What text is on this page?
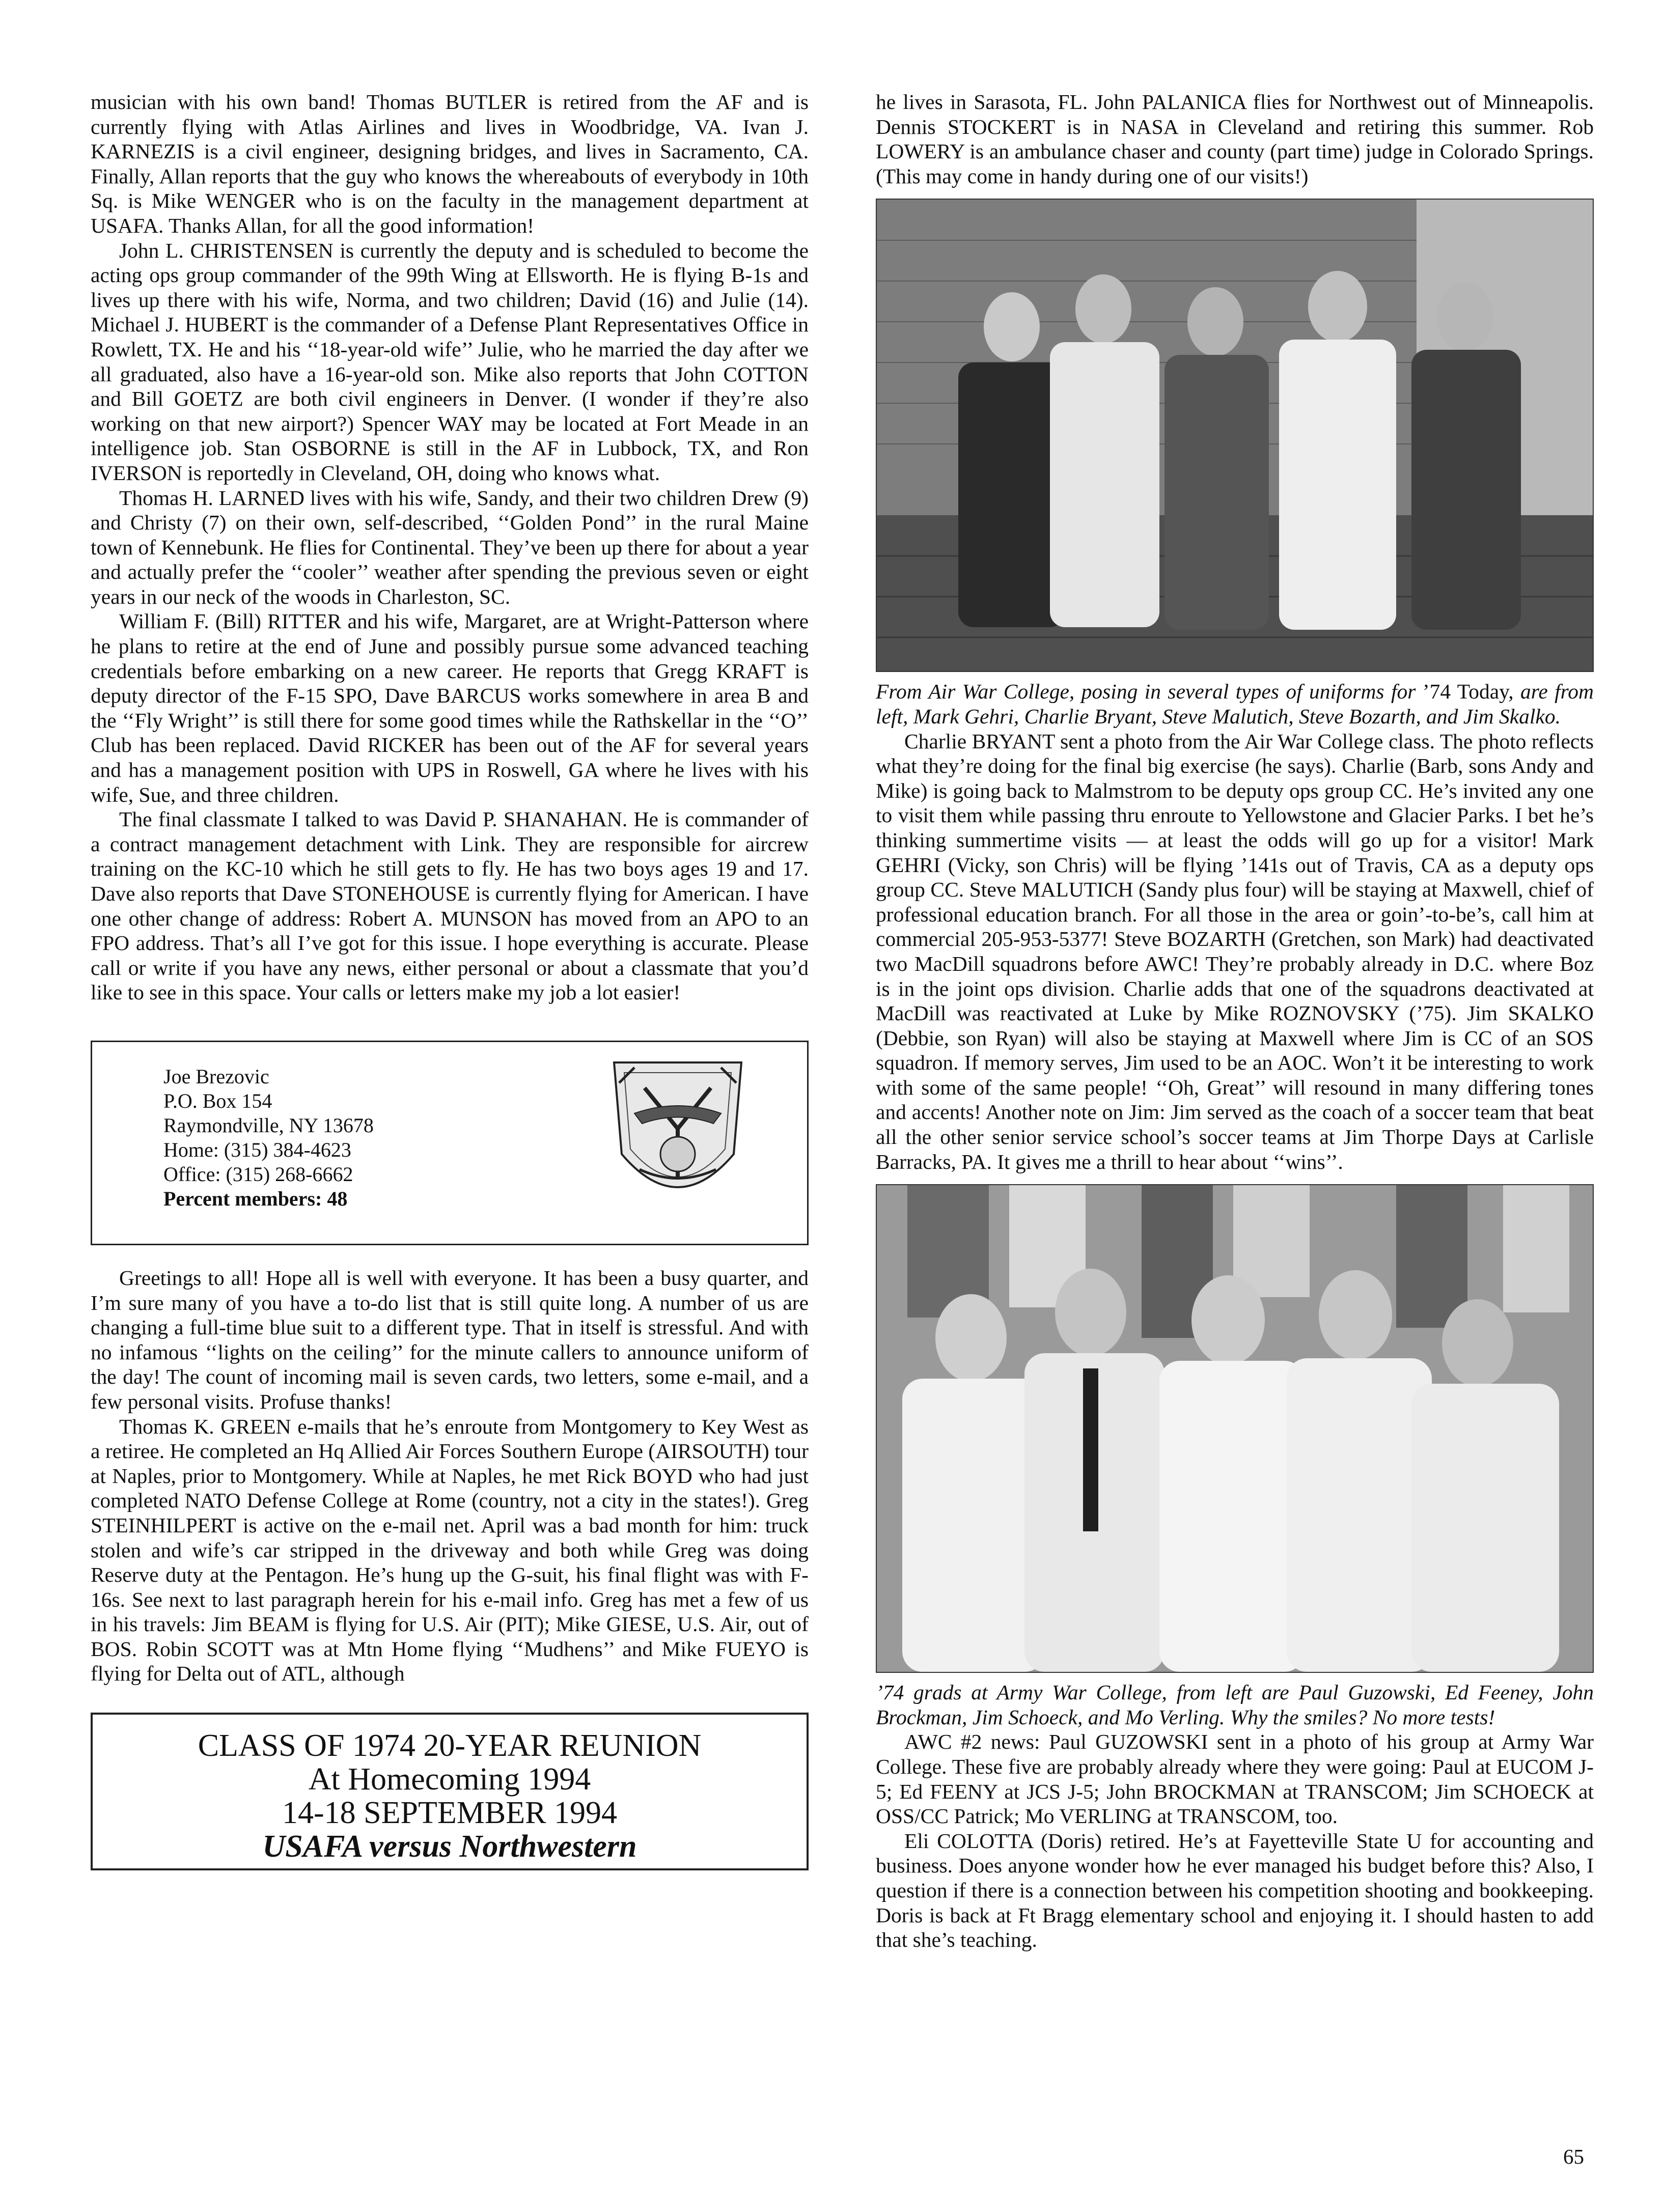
musician with his own band! Thomas BUTLER is retired from the AF and is currently flying with Atlas Airlines and lives in Woodbridge, VA. Ivan J. KARNEZIS is a civil engineer, designing bridges, and lives in Sacramento, CA. Finally, Allan reports that the guy who knows the whereabouts of everybody in 10th Sq. is Mike WENGER who is on the faculty in the management department at USAFA. Thanks Allan, for all the good information!

John L. CHRISTENSEN is currently the deputy and is scheduled to become the acting ops group commander of the 99th Wing at Ellsworth. He is flying B-1s and lives up there with his wife, Norma, and two children; David (16) and Julie (14). Michael J. HUBERT is the commander of a Defense Plant Representatives Office in Rowlett, TX. He and his ‘‘18-year-old wife’’ Julie, who he married the day after we all graduated, also have a 16-year-old son. Mike also reports that John COTTON and Bill GOETZ are both civil engineers in Denver. (I wonder if they’re also working on that new airport?) Spencer WAY may be located at Fort Meade in an intelligence job. Stan OSBORNE is still in the AF in Lubbock, TX, and Ron IVERSON is reportedly in Cleveland, OH, doing who knows what.

Thomas H. LARNED lives with his wife, Sandy, and their two children Drew (9) and Christy (7) on their own, self-described, ‘‘Golden Pond’’ in the rural Maine town of Kennebunk. He flies for Continental. They’ve been up there for about a year and actually prefer the ‘‘cooler’’ weather after spending the previous seven or eight years in our neck of the woods in Charleston, SC.

William F. (Bill) RITTER and his wife, Margaret, are at Wright-Patterson where he plans to retire at the end of June and possibly pursue some advanced teaching credentials before embarking on a new career. He reports that Gregg KRAFT is deputy director of the F-15 SPO, Dave BARCUS works somewhere in area B and the ‘‘Fly Wright’’ is still there for some good times while the Rathskellar in the ‘‘O’’ Club has been replaced. David RICKER has been out of the AF for several years and has a management position with UPS in Roswell, GA where he lives with his wife, Sue, and three children.

The final classmate I talked to was David P. SHANAHAN. He is commander of a contract management detachment with Link. They are responsible for aircrew training on the KC-10 which he still gets to fly. He has two boys ages 19 and 17. Dave also reports that Dave STONEHOUSE is currently flying for American. I have one other change of address: Robert A. MUNSON has moved from an APO to an FPO address. That’s all I’ve got for this issue. I hope everything is accurate. Please call or write if you have any news, either personal or about a classmate that you’d like to see in this space. Your calls or letters make my job a lot easier!

Joe Brezovic
P.O. Box 154
Raymondville, NY 13678
Home: (315) 384-4623
Office: (315) 268-6662
Percent members: 48

Greetings to all! Hope all is well with everyone. It has been a busy quarter, and I’m sure many of you have a to-do list that is still quite long. A number of us are changing a full-time blue suit to a different type. That in itself is stressful. And with no infamous ‘‘lights on the ceiling’’ for the minute callers to announce uniform of the day! The count of incoming mail is seven cards, two letters, some e-mail, and a few personal visits. Profuse thanks!

Thomas K. GREEN e-mails that he’s enroute from Montgomery to Key West as a retiree. He completed an Hq Allied Air Forces Southern Europe (AIRSOUTH) tour at Naples, prior to Montgomery. While at Naples, he met Rick BOYD who had just completed NATO Defense College at Rome (country, not a city in the states!). Greg STEINHILPERT is active on the e-mail net. April was a bad month for him: truck stolen and wife’s car stripped in the driveway and both while Greg was doing Reserve duty at the Pentagon. He’s hung up the G-suit, his final flight was with F-16s. See next to last paragraph herein for his e-mail info. Greg has met a few of us in his travels: Jim BEAM is flying for U.S. Air (PIT); Mike GIESE, U.S. Air, out of BOS. Robin SCOTT was at Mtn Home flying ‘‘Mudhens’’ and Mike FUEYO is flying for Delta out of ATL, although

CLASS OF 1974 20-YEAR REUNION
At Homecoming 1994
14-18 SEPTEMBER 1994
USAFA versus Northwestern

he lives in Sarasota, FL. John PALANICA flies for Northwest out of Minneapolis. Dennis STOCKERT is in NASA in Cleveland and retiring this summer. Rob LOWERY is an ambulance chaser and county (part time) judge in Colorado Springs. (This may come in handy during one of our visits!)

From Air War College, posing in several types of uniforms for ’74 Today, are from left, Mark Gehri, Charlie Bryant, Steve Malutich, Steve Bozarth, and Jim Skalko.

Charlie BRYANT sent a photo from the Air War College class. The photo reflects what they’re doing for the final big exercise (he says). Charlie (Barb, sons Andy and Mike) is going back to Malmstrom to be deputy ops group CC. He’s invited any one to visit them while passing thru enroute to Yellowstone and Glacier Parks. I bet he’s thinking summertime visits — at least the odds will go up for a visitor! Mark GEHRI (Vicky, son Chris) will be flying ’141s out of Travis, CA as a deputy ops group CC. Steve MALUTICH (Sandy plus four) will be staying at Maxwell, chief of professional education branch. For all those in the area or goin’-to-be’s, call him at commercial 205-953-5377! Steve BOZARTH (Gretchen, son Mark) had deactivated two MacDill squadrons before AWC! They’re probably already in D.C. where Boz is in the joint ops division. Charlie adds that one of the squadrons deactivated at MacDill was reactivated at Luke by Mike ROZNOVSKY (’75). Jim SKALKO (Debbie, son Ryan) will also be staying at Maxwell where Jim is CC of an SOS squadron. If memory serves, Jim used to be an AOC. Won’t it be interesting to work with some of the same people! ‘‘Oh, Great’’ will resound in many differing tones and accents! Another note on Jim: Jim served as the coach of a soccer team that beat all the other senior service school’s soccer teams at Jim Thorpe Days at Carlisle Barracks, PA. It gives me a thrill to hear about ‘‘wins’’.

’74 grads at Army War College, from left are Paul Guzowski, Ed Feeney, John Brockman, Jim Schoeck, and Mo Verling. Why the smiles? No more tests!

AWC #2 news: Paul GUZOWSKI sent in a photo of his group at Army War College. These five are probably already where they were going: Paul at EUCOM J-5; Ed FEENY at JCS J-5; John BROCKMAN at TRANSCOM; Jim SCHOECK at OSS/CC Patrick; Mo VERLING at TRANSCOM, too.

Eli COLOTTA (Doris) retired. He’s at Fayetteville State U for accounting and business. Does anyone wonder how he ever managed his budget before this? Also, I question if there is a connection between his competition shooting and bookkeeping. Doris is back at Ft Bragg elementary school and enjoying it. I should hasten to add that she’s teaching.

65
